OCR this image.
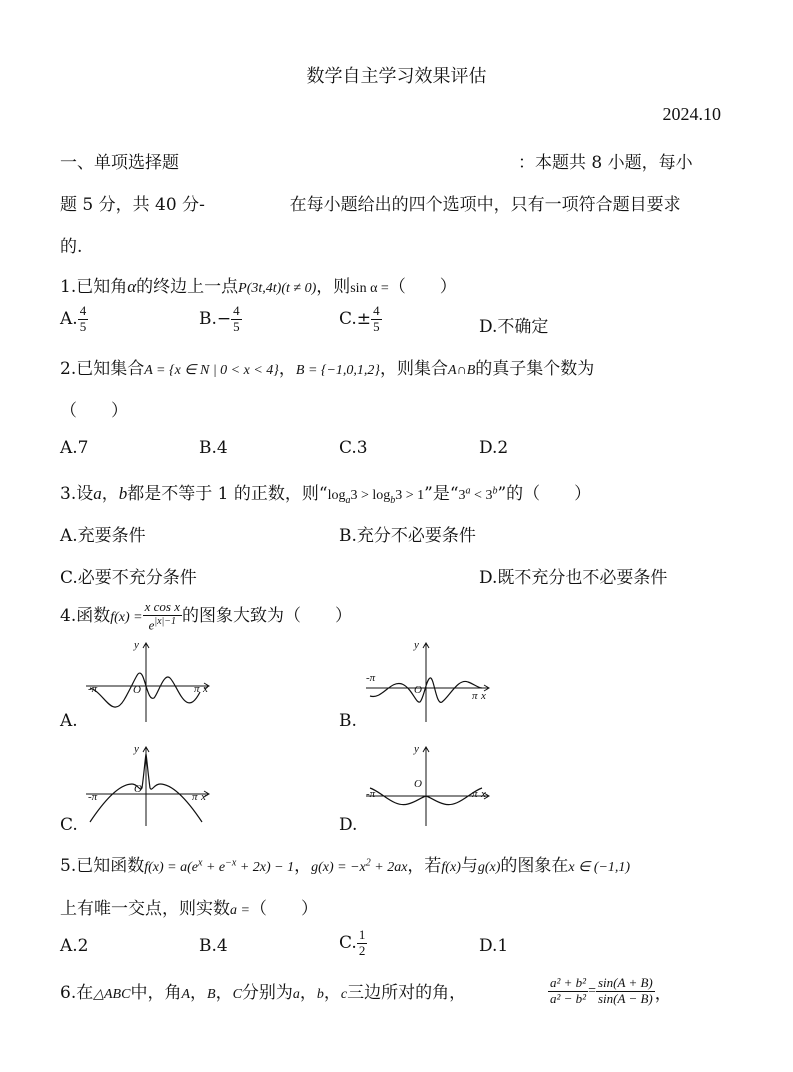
数学自主学习效果评估
2024.10
一、单项选择题	：本题共 8 小题，每小
题 5 分，共 40 分-	在每小题给出的四个选项中，只有一项符合题目要求
的.
1.已知角α的终边上一点P(3t,4t)(t ≠ 0)，则sin α =（　　）
A. $\frac{4}{5}$	$B.- \frac{4}{5}$	$C.\pm \frac{4}{5}$	D.不确定
2.已知集合A = {x ∈ N | 0 < x < 4}，B = {−1,0,1,2}，则集合A∩B的真子集个数为
（　　）
A.7	B.4	C.3	D.2
3.设a，b都是不等于 1 的正数，则“$\log_a3 > \log_b3 > 1$”是“$3^a < 3^b$”的（　　）
A.充要条件	B.充分不必要条件
C.必要不充分条件	D.既不充分也不必要条件
4.函数$f(x) = \frac{\text{x cos x}}{e^{|x|-1}}$ 的图象大致为（　　）
A.
y
O
-π	π x
B.
y
O
-π
π x
C.
y
O
-π	π x
D.
y
O
-π	π x
5.已知函数$f(x) = a(e^x + e^{-x} + 2x) - 1$，$g(x) = -x^2 + 2ax$，若f(x)与g(x)的图象在x ∈ (−1,1)
上有唯一交点，则实数a =（　　）
A.2	B.4	C. $\frac{1}{2}$	D.1
6.在△ABC中，角A，B，C分别为a，b，c三边所对的角，	$\frac{\text{a² + b²}}{\text{a² − b²}} = \frac{\sin(A + B)}{\sin(A - B)}$ ，
